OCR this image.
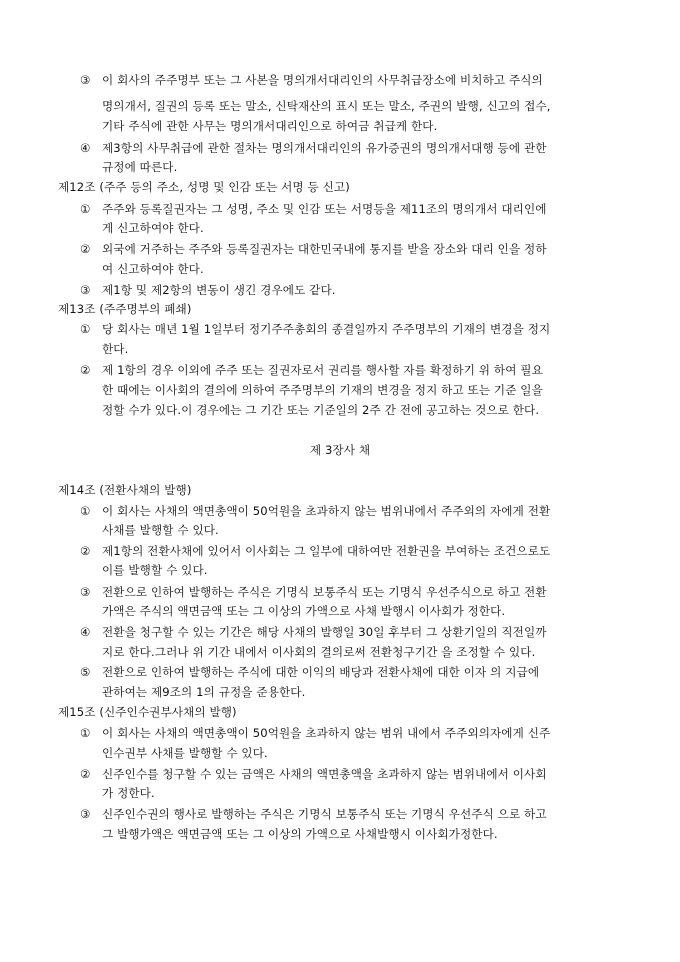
③ 이 회사의 주주명부 또는 그 사본을 명의개서대리인의 사무취급장소에 비치하고 주식의
명의개서, 질권의 등록 또는 말소, 신탁재산의 표시 또는 말소, 주권의 발행, 신고의 접수,
기타 주식에 관한 사무는 명의개서대리인으로 하여금 취급케 한다.
④ 제3항의 사무취급에 관한 절차는 명의개서대리인의 유가증권의 명의개서대행 등에 관한
규정에 따른다.
제12조 (주주 등의 주소, 성명 및 인감 또는 서명 등 신고)
① 주주와 등록질권자는 그 성명, 주소 및 인감 또는 서명등을 제11조의 명의개서 대리인에
게 신고하여야 한다.
② 외국에 거주하는 주주와 등록질권자는 대한민국내에 통지를 받을 장소와 대리 인을 정하
여 신고하여야 한다.
③ 제1항 및 제2항의 변동이 생긴 경우에도 같다.
제13조 (주주명부의 폐쇄)
① 당 회사는 매년 1월 1일부터 정기주주총회의 종결일까지 주주명부의 기재의 변경을 정지
한다.
② 제 1항의 경우 이외에 주주 또는 질권자로서 권리를 행사할 자를 확정하기 위 하여 필요
한 때에는 이사회의 결의에 의하여 주주명부의 기재의 변경을 정지 하고 또는 기준 일을
정할 수가 있다.이 경우에는 그 기간 또는 기준일의 2주 간 전에 공고하는 것으로 한다.
제 3장사 채
제14조 (전환사채의 발행)
① 이 회사는 사채의 액면총액이 50억원을 초과하지 않는 범위내에서 주주외의 자에게 전환
사채를 발행할 수 있다.
② 제1항의 전환사채에 있어서 이사회는 그 일부에 대하여만 전환권을 부여하는 조건으로도
이를 발행할 수 있다.
③ 전환으로 인하여 발행하는 주식은 기명식 보통주식 또는 기명식 우선주식으로 하고 전환
가액은 주식의 액면금액 또는 그 이상의 가액으로 사채 발행시 이사회가 정한다.
④ 전환을 청구할 수 있는 기간은 해당 사채의 발행일 30일 후부터 그 상환기일의 직전일까
지로 한다.그러나 위 기간 내에서 이사회의 결의로써 전환청구기간 을 조정할 수 있다.
⑤ 전환으로 인하여 발행하는 주식에 대한 이익의 배당과 전환사채에 대한 이자 의 지급에
관하여는 제9조의 1의 규정을 준용한다.
제15조 (신주인수권부사채의 발행)
① 이 회사는 사채의 액면총액이 50억원을 초과하지 않는 범위 내에서 주주외의자에게 신주
인수권부 사채를 발행할 수 있다.
② 신주인수를 청구할 수 있는 금액은 사채의 액면총액을 초과하지 않는 범위내에서 이사회
가 정한다.
③ 신주인수권의 행사로 발행하는 주식은 기명식 보통주식 또는 기명식 우선주식 으로 하고
그 발행가액은 액면금액 또는 그 이상의 가액으로 사채발행시 이사회가정한다.
